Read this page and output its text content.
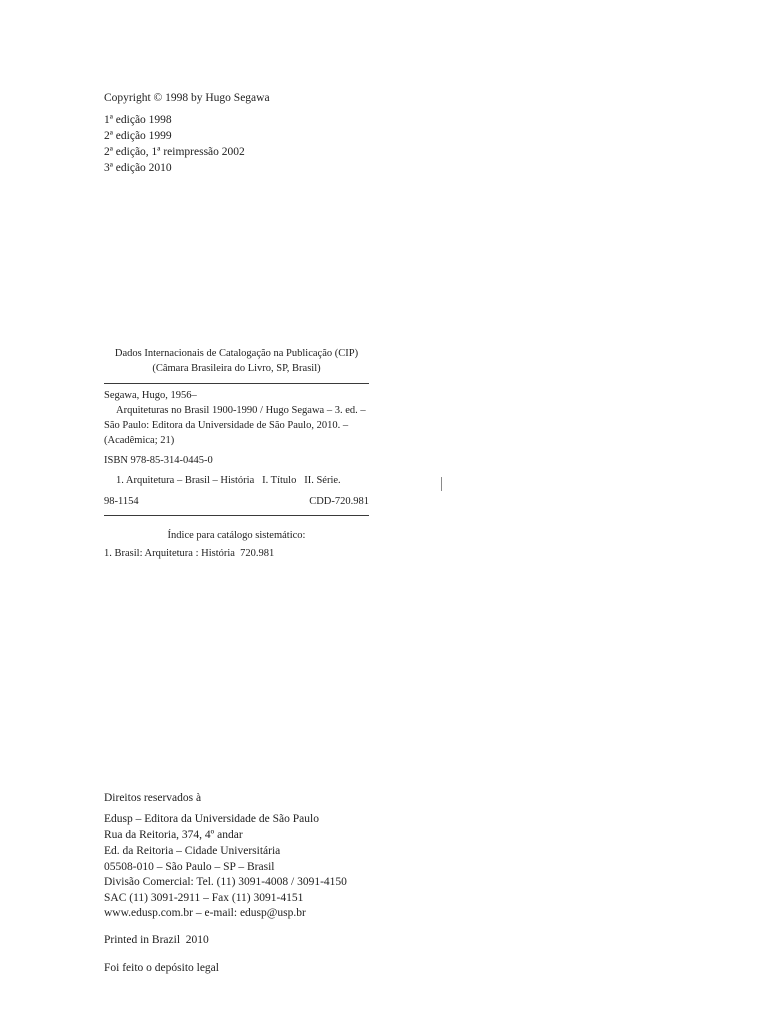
Copyright © 1998 by Hugo Segawa
1ª edição 1998
2ª edição 1999
2ª edição, 1ª reimpressão 2002
3ª edição 2010
Dados Internacionais de Catalogação na Publicação (CIP)
(Câmara Brasileira do Livro, SP, Brasil)
Segawa, Hugo, 1956–
Arquiteturas no Brasil 1900-1990 / Hugo Segawa – 3. ed. –
São Paulo: Editora da Universidade de São Paulo, 2010. –
(Acadêmica; 21)
ISBN 978-85-314-0445-0
1. Arquitetura – Brasil – História   I. Título   II. Série.
98-1154	CDD-720.981
Índice para catálogo sistemático:
1. Brasil: Arquitetura : História  720.981
Direitos reservados à
Edusp – Editora da Universidade de São Paulo
Rua da Reitoria, 374, 4º andar
Ed. da Reitoria – Cidade Universitária
05508-010 – São Paulo – SP – Brasil
Divisão Comercial: Tel. (11) 3091-4008 / 3091-4150
SAC (11) 3091-2911 – Fax (11) 3091-4151
www.edusp.com.br – e-mail: edusp@usp.br
Printed in Brazil  2010
Foi feito o depósito legal
